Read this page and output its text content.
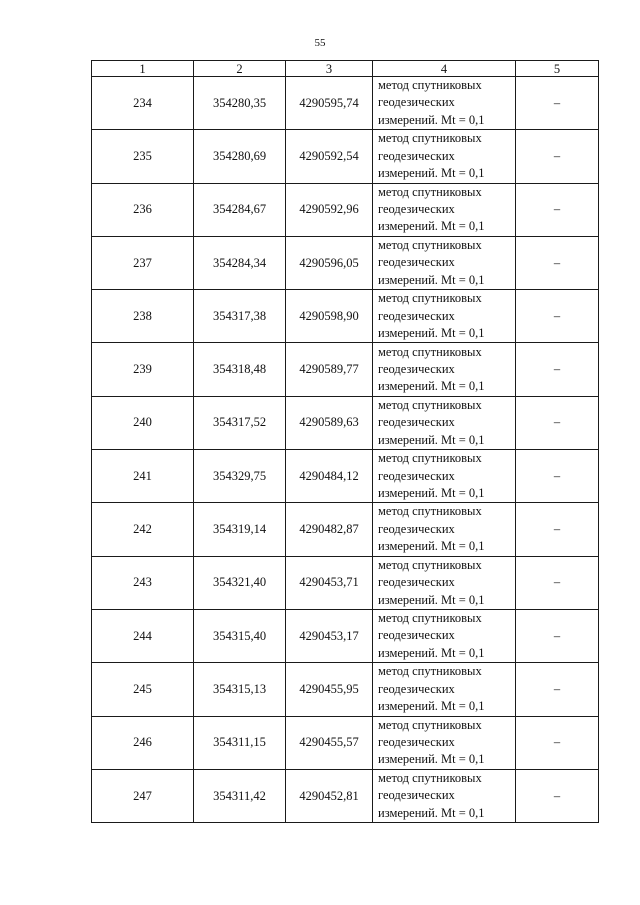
55
1	2	3	4	5
234	354280,35	4290595,74	метод спутниковых
геодезических
измерений. Mt = 0,1	–
235	354280,69	4290592,54	метод спутниковых
геодезических
измерений. Mt = 0,1	–
236	354284,67	4290592,96	метод спутниковых
геодезических
измерений. Mt = 0,1	–
237	354284,34	4290596,05	метод спутниковых
геодезических
измерений. Mt = 0,1	–
238	354317,38	4290598,90	метод спутниковых
геодезических
измерений. Mt = 0,1	–
239	354318,48	4290589,77	метод спутниковых
геодезических
измерений. Mt = 0,1	–
240	354317,52	4290589,63	метод спутниковых
геодезических
измерений. Mt = 0,1	–
241	354329,75	4290484,12	метод спутниковых
геодезических
измерений. Mt = 0,1	–
242	354319,14	4290482,87	метод спутниковых
геодезических
измерений. Mt = 0,1	–
243	354321,40	4290453,71	метод спутниковых
геодезических
измерений. Mt = 0,1	–
244	354315,40	4290453,17	метод спутниковых
геодезических
измерений. Mt = 0,1	–
245	354315,13	4290455,95	метод спутниковых
геодезических
измерений. Mt = 0,1	–
246	354311,15	4290455,57	метод спутниковых
геодезических
измерений. Mt = 0,1	–
247	354311,42	4290452,81	метод спутниковых
геодезических
измерений. Mt = 0,1	–
